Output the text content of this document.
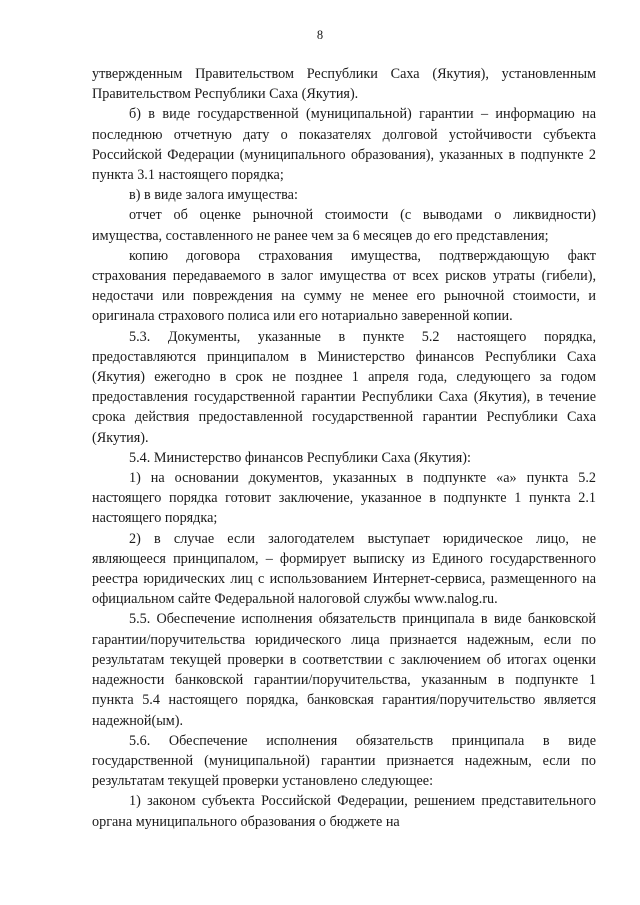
8

утвержденным Правительством Республики Саха (Якутия), установленным Правительством Республики Саха (Якутия).

б) в виде государственной (муниципальной) гарантии – информацию на последнюю отчетную дату о показателях долговой устойчивости субъекта Российской Федерации (муниципального образования), указанных в подпункте 2 пункта 3.1 настоящего порядка;

в) в виде залога имущества:

отчет об оценке рыночной стоимости (с выводами о ликвидности) имущества, составленного не ранее чем за 6 месяцев до его представления;

копию договора страхования имущества, подтверждающую факт страхования передаваемого в залог имущества от всех рисков утраты (гибели), недостачи или повреждения на сумму не менее его рыночной стоимости, и оригинала страхового полиса или его нотариально заверенной копии.

5.3. Документы, указанные в пункте 5.2 настоящего порядка, предоставляются принципалом в Министерство финансов Республики Саха (Якутия) ежегодно в срок не позднее 1 апреля года, следующего за годом предоставления государственной гарантии Республики Саха (Якутия), в течение срока действия предоставленной государственной гарантии Республики Саха (Якутия).

5.4. Министерство финансов Республики Саха (Якутия):

1) на основании документов, указанных в подпункте «а» пункта 5.2 настоящего порядка готовит заключение, указанное в подпункте 1 пункта 2.1 настоящего порядка;

2) в случае если залогодателем выступает юридическое лицо, не являющееся принципалом, – формирует выписку из Единого государственного реестра юридических лиц с использованием Интернет-сервиса, размещенного на официальном сайте Федеральной налоговой службы www.nalog.ru.

5.5. Обеспечение исполнения обязательств принципала в виде банковской гарантии/поручительства юридического лица признается надежным, если по результатам текущей проверки в соответствии с заключением об итогах оценки надежности банковской гарантии/поручительства, указанным в подпункте 1 пункта 5.4 настоящего порядка, банковская гарантия/поручительство является надежной(ым).

5.6. Обеспечение исполнения обязательств принципала в виде государственной (муниципальной) гарантии признается надежным, если по результатам текущей проверки установлено следующее:

1) законом субъекта Российской Федерации, решением представительного органа муниципального образования о бюджете на
